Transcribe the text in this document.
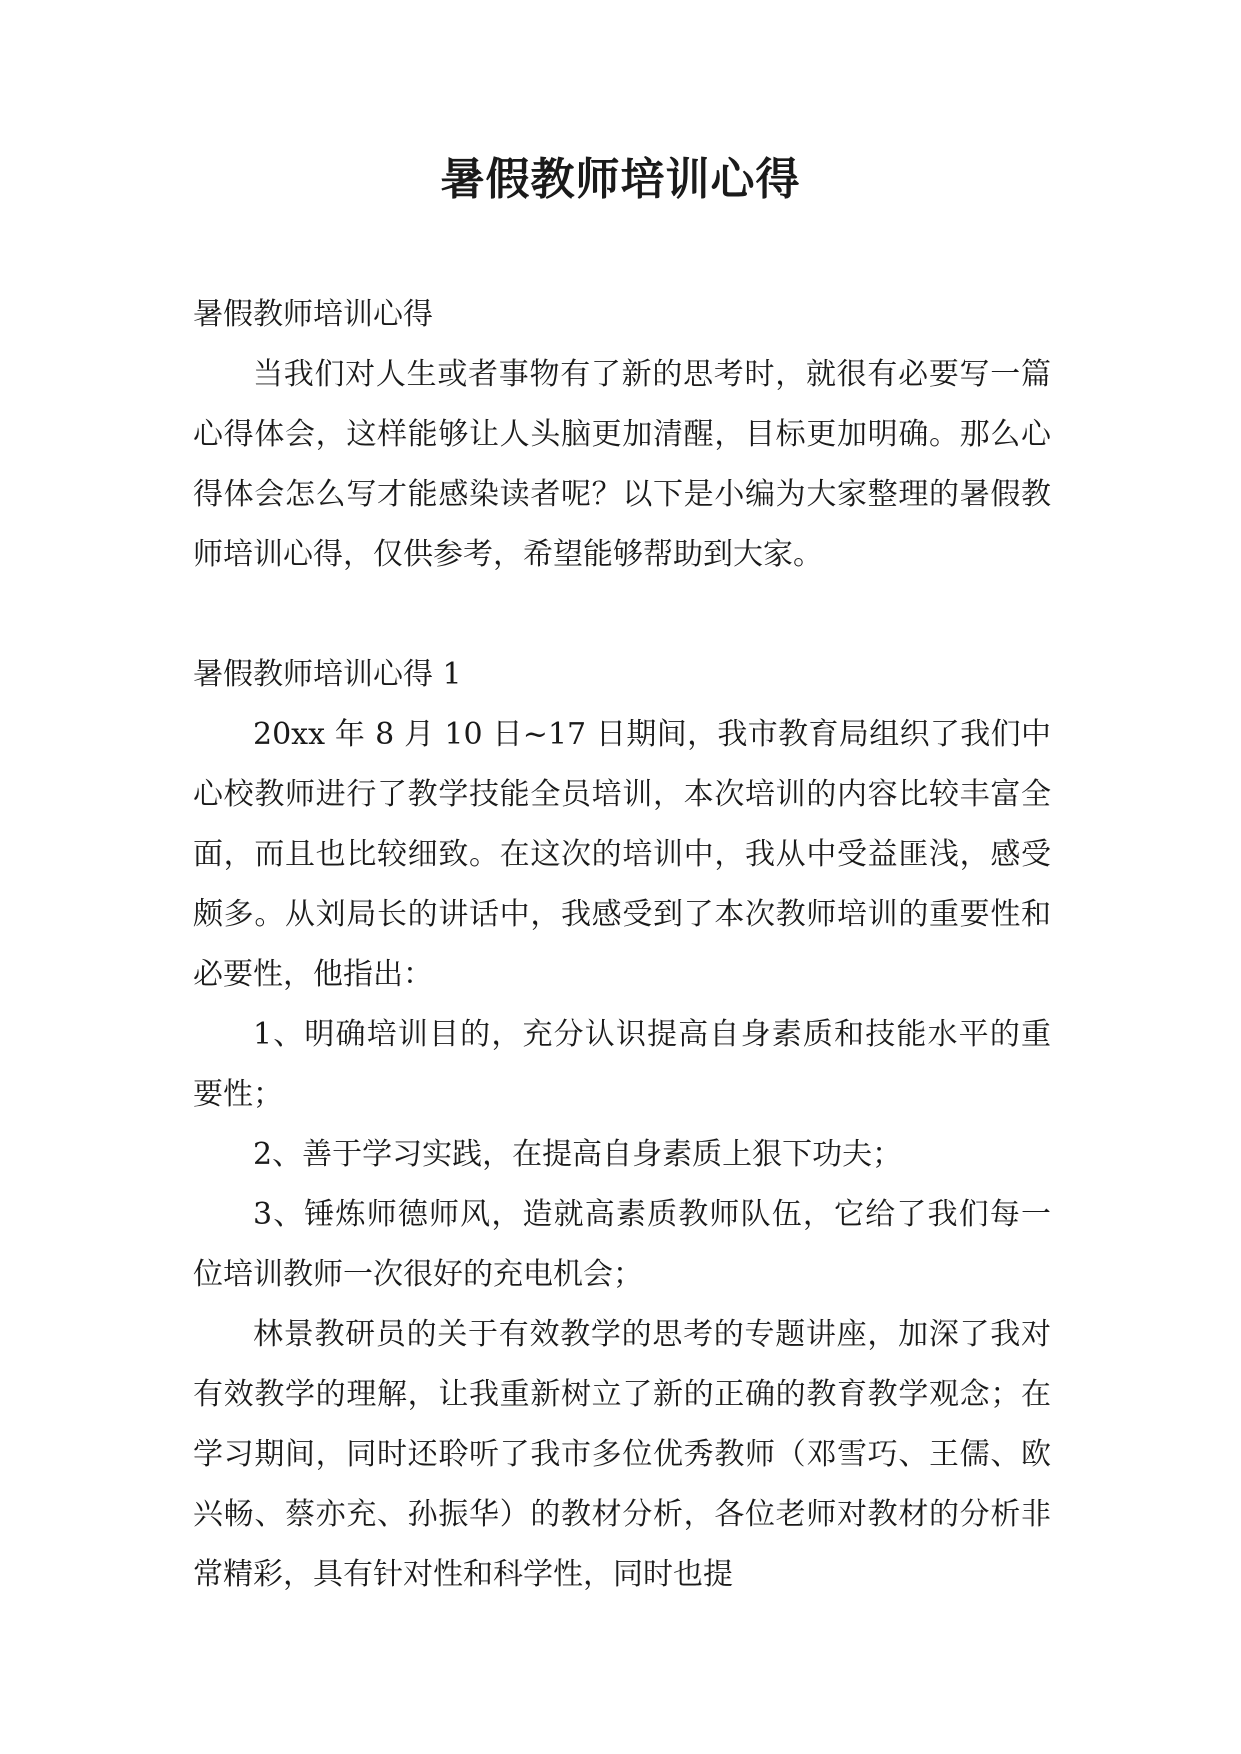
暑假教师培训心得

暑假教师培训心得

当我们对人生或者事物有了新的思考时，就很有必要写一篇心得体会，这样能够让人头脑更加清醒，目标更加明确。那么心得体会怎么写才能感染读者呢？以下是小编为大家整理的暑假教师培训心得，仅供参考，希望能够帮助到大家。

暑假教师培训心得 1

20xx 年 8 月 10 日~17 日期间，我市教育局组织了我们中心校教师进行了教学技能全员培训，本次培训的内容比较丰富全面，而且也比较细致。在这次的培训中，我从中受益匪浅，感受颇多。从刘局长的讲话中，我感受到了本次教师培训的重要性和必要性，他指出：

1、明确培训目的，充分认识提高自身素质和技能水平的重要性；

2、善于学习实践，在提高自身素质上狠下功夫；

3、锤炼师德师风，造就高素质教师队伍，它给了我们每一位培训教师一次很好的充电机会；

林景教研员的关于有效教学的思考的专题讲座，加深了我对有效教学的理解，让我重新树立了新的正确的教育教学观念；在学习期间，同时还聆听了我市多位优秀教师（邓雪巧、王儒、欧兴畅、蔡亦充、孙振华）的教材分析，各位老师对教材的分析非常精彩，具有针对性和科学性，同时也提
